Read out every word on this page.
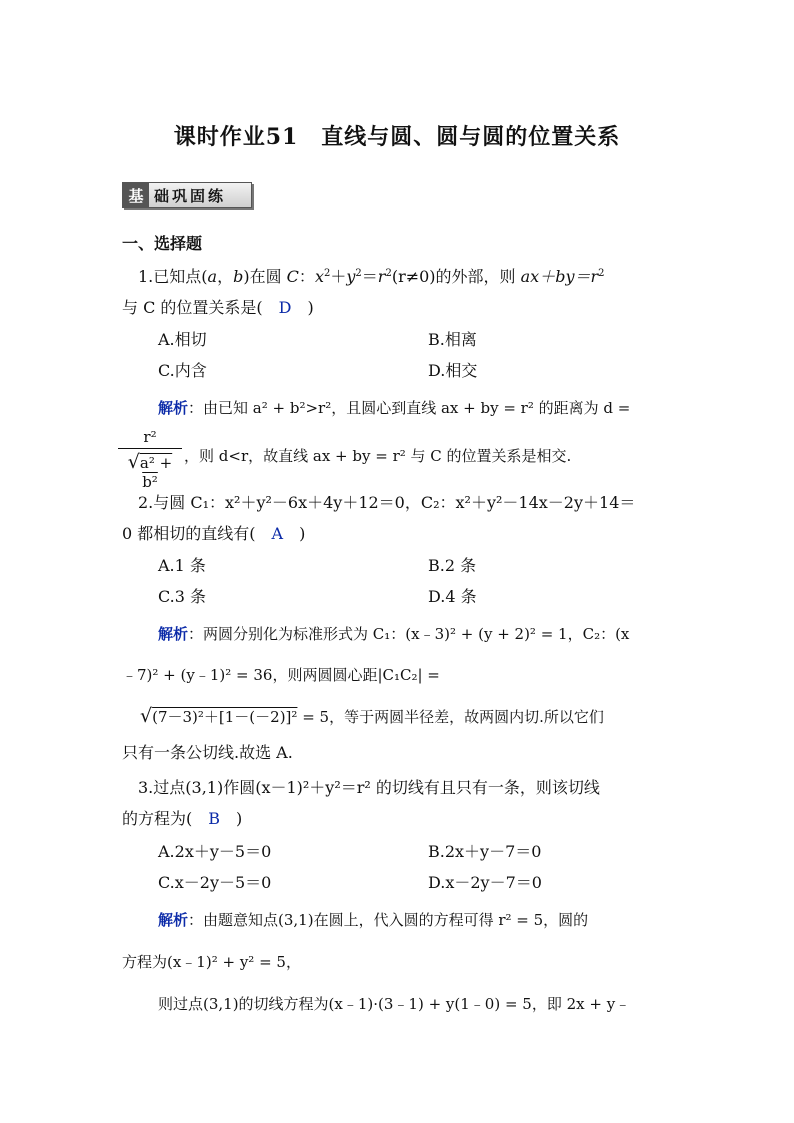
课时作业51　直线与圆、圆与圆的位置关系
基 础巩固练
一、选择题
1.已知点(a，b)在圆 C：$x^2+y^2=r^2(r\ne 0)$的外部，则 $ax+by=r^2$
与 C 的位置关系是(　D　)
A.相切	B.相离
C.内含	D.相交
解析：由已知 a² + b²>r²，且圆心到直线 ax + by = r² 的距离为 d =
r²
√a² + b²
，则 d<r，故直线 ax + by = r² 与 C 的位置关系是相交.
2.与圆 C₁：x²＋y²－6x＋4y＋12＝0，C₂：x²＋y²－14x－2y＋14＝
0 都相切的直线有(　A　)
A.1 条	B.2 条
C.3 条	D.4 条
解析：两圆分别化为标准形式为 C₁：(x﹣3)² + (y + 2)² = 1，C₂：(x
﹣7)² + (y﹣1)² = 36，则两圆圆心距|C₁C₂| =
√(7－3)²＋[1－(－2)]² = 5，等于两圆半径差，故两圆内切.所以它们
只有一条公切线.故选 A.
3.过点(3,1)作圆(x－1)²＋y²＝r² 的切线有且只有一条，则该切线
的方程为(　B　)
A.2x＋y－5＝0	B.2x＋y－7＝0
C.x－2y－5＝0	D.x－2y－7＝0
解析：由题意知点(3,1)在圆上，代入圆的方程可得 r² = 5，圆的
方程为(x﹣1)² + y² = 5，
则过点(3,1)的切线方程为(x﹣1)·(3﹣1) + y(1﹣0) = 5，即 2x + y﹣
